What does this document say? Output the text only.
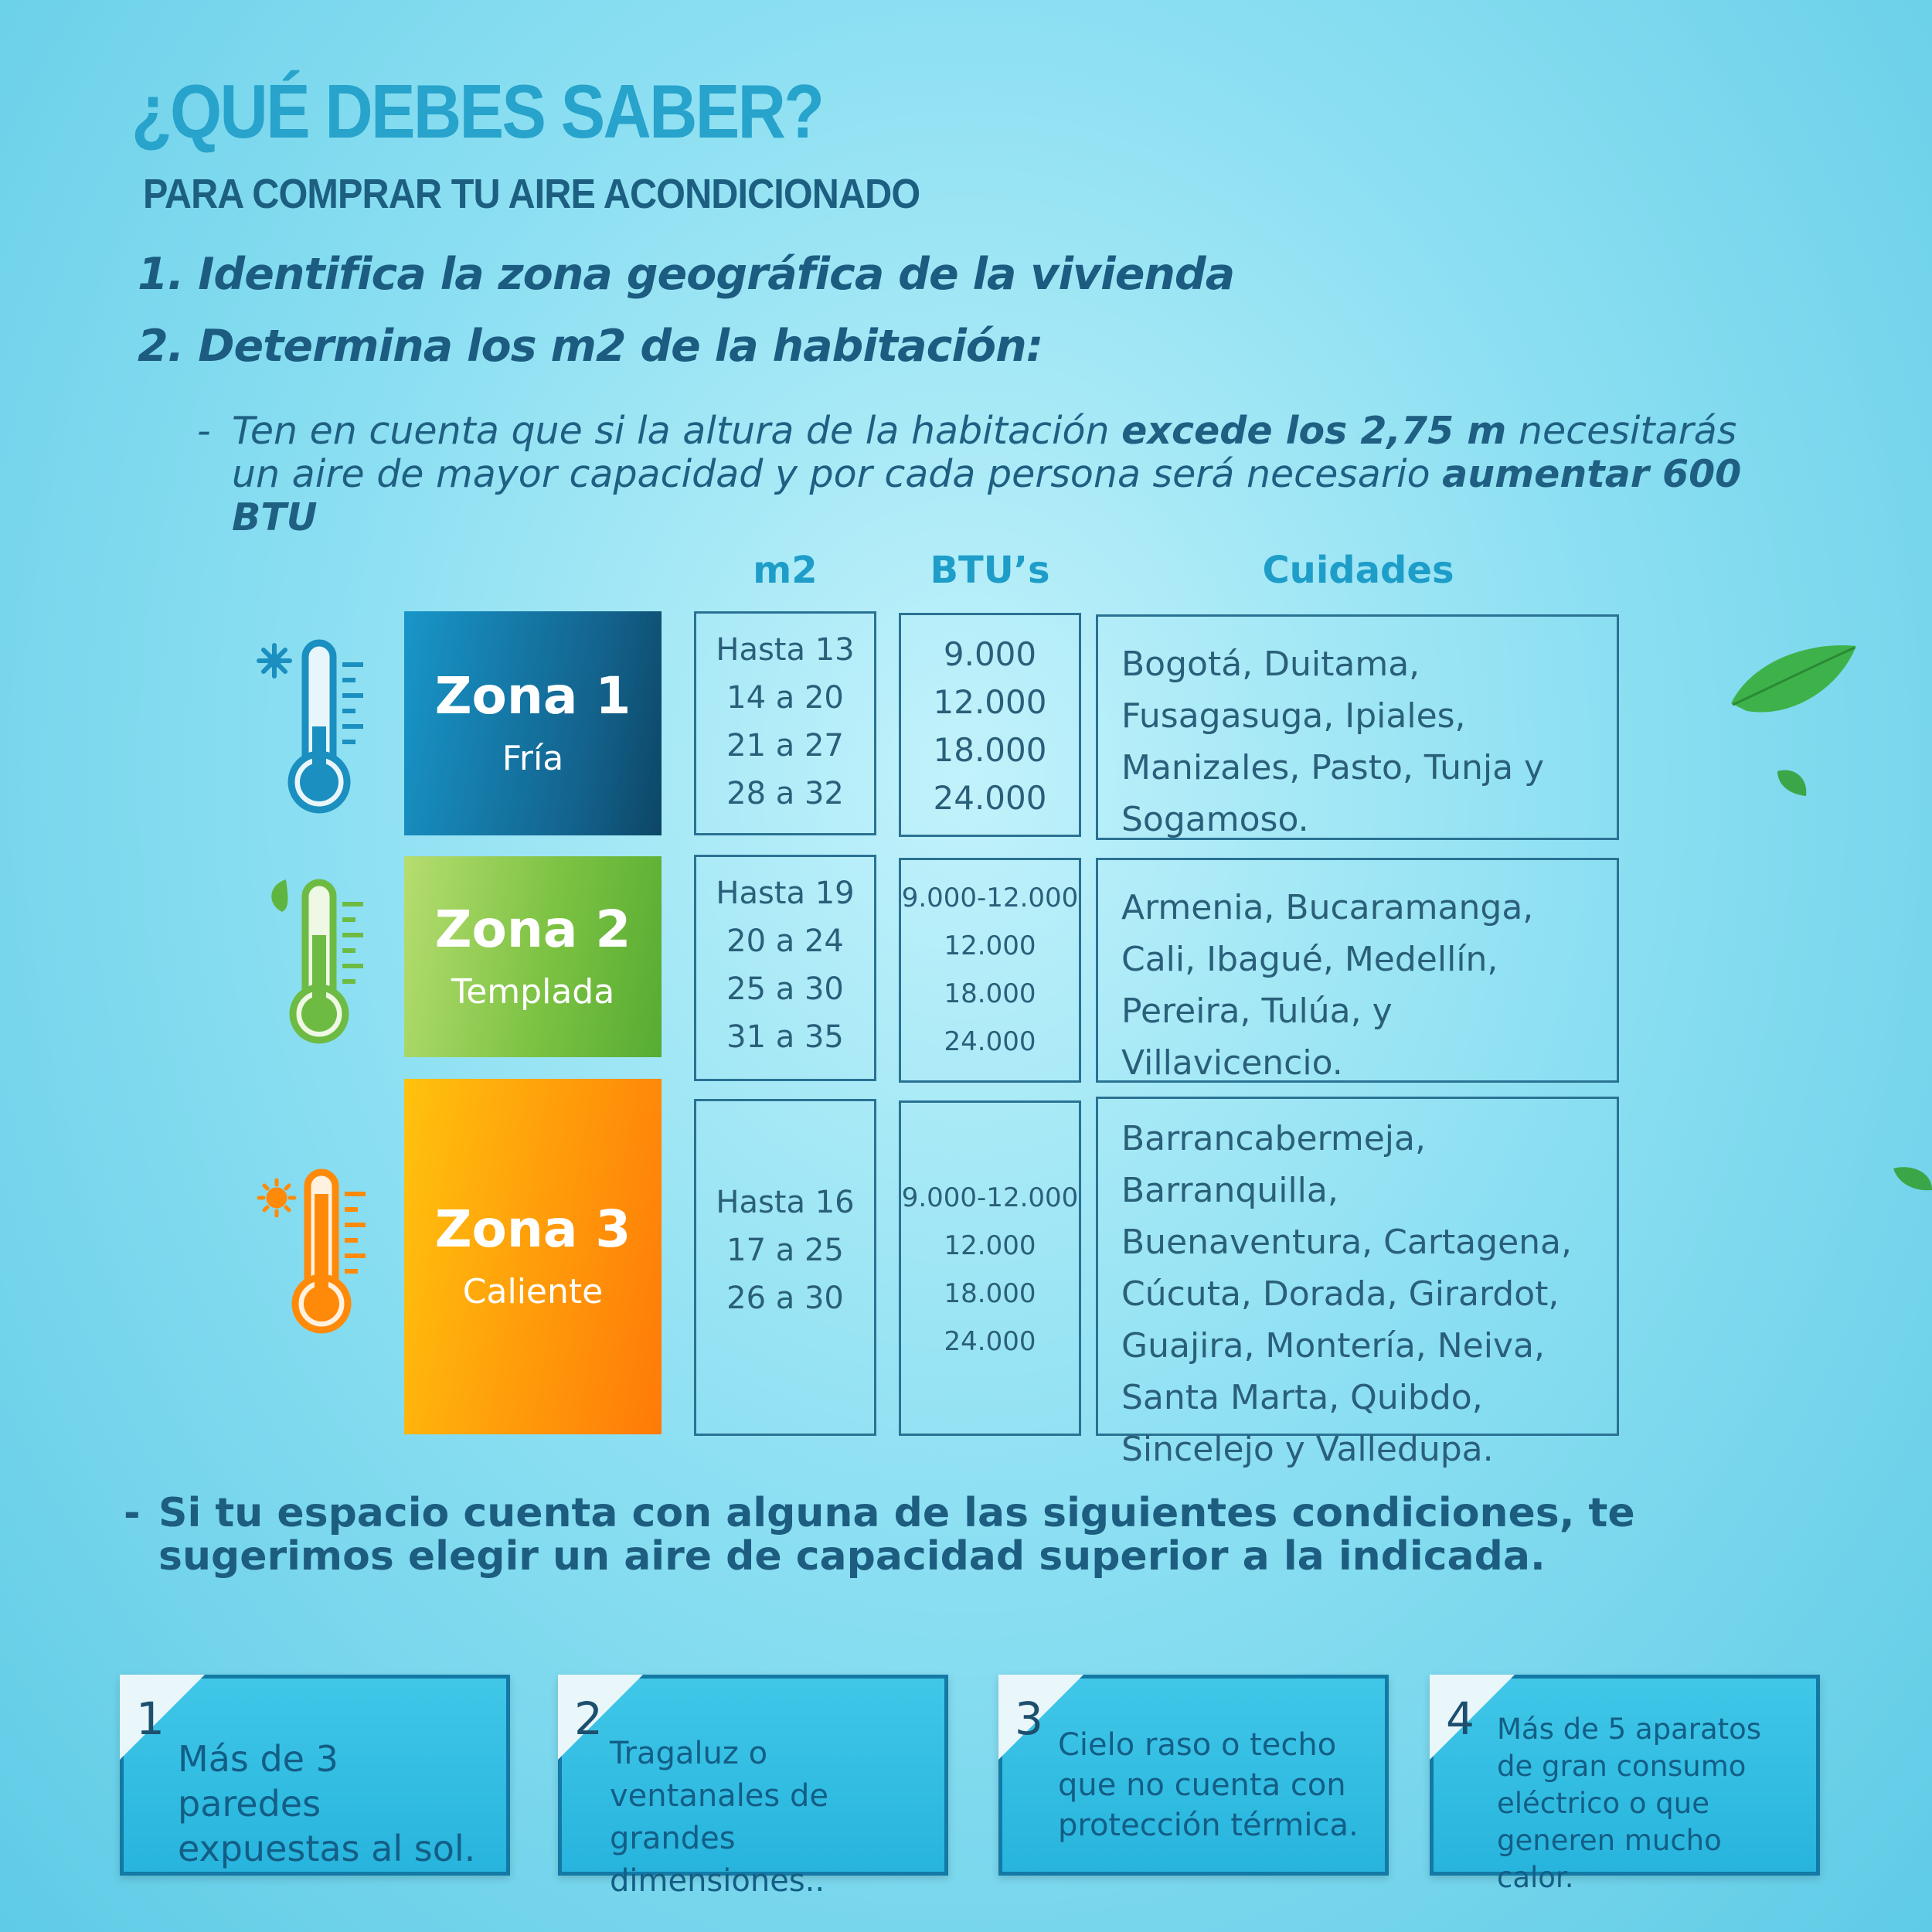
¿QUÉ DEBES SABER?
PARA COMPRAR TU AIRE ACONDICIONADO

1. Identifica la zona geográfica de la vivienda

2. Determina los m2 de la habitación:

- Ten en cuenta que si la altura de la habitación excede los 2,75 m necesitarás un aire de mayor capacidad y por cada persona será necesario aumentar 600 BTU
m2	BTU’s	Cuidades
Zona 1
Fría
Zona 2
Templada
Zona 3
Caliente
Hasta 13
14 a 20
21 a 27
28 a 32
9.000
12.000
18.000
24.000
Bogotá, Duitama, Fusagasuga, Ipiales, Manizales, Pasto, Tunja y Sogamoso.
Hasta 19
20 a 24
25 a 30
31 a 35
9.000-12.000
12.000
18.000
24.000
Armenia, Bucaramanga, Cali, Ibagué, Medellín, Pereira, Tulúa, y Villavicencio.
Hasta 16
17 a 25
26 a 30
9.000-12.000
12.000
18.000
24.000
Barrancabermeja, Barranquilla, Buenaventura, Cartagena, Cúcuta, Dorada, Girardot, Guajira, Montería, Neiva, Santa Marta, Quibdo, Sincelejo y Valledupa.
- Si tu espacio cuenta con alguna de las siguientes condiciones, te sugerimos elegir un aire de capacidad superior a la indicada.
1
Más de 3 paredes expuestas al sol.
2
Tragaluz o ventanales de grandes dimensiones..
3 Cielo raso o techo que no cuenta con protección térmica.
4 Más de 5 aparatos de gran consumo eléctrico o que generen mucho calor.
